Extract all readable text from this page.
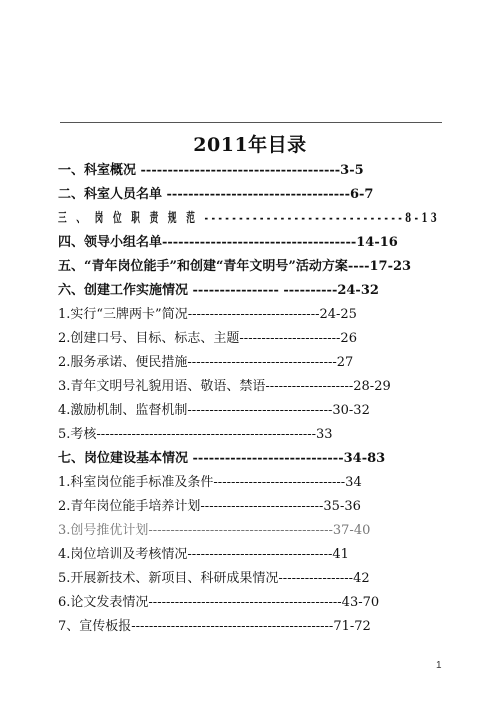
2011年目录
一、科室概况 -------------------------------------3-5
二、科室人员名单 ----------------------------------6-7
三 、 岗 位 职 责 规 范 -----------------------------8-13
四、领导小组名单------------------------------------14-16
五、“青年岗位能手”和创建“青年文明号”活动方案----17-23
六、创建工作实施情况 ---------------- ----------24-32
1.实行“三牌两卡”简况------------------------------24-25
2.创建口号、目标、标志、主题-----------------------26
2.服务承诺、便民措施----------------------------------27
3.青年文明号礼貌用语、敬语、禁语--------------------28-29
4.激励机制、监督机制---------------------------------30-32
5.考核--------------------------------------------------33
七、岗位建设基本情况 ----------------------------34-83
1.科室岗位能手标准及条件------------------------------34
2.青年岗位能手培养计划----------------------------35-36
3.创号推优计划------------------------------------------37-40
4.岗位培训及考核情况---------------------------------41
5.开展新技术、新项目、科研成果情况-----------------42
6.论文发表情况--------------------------------------------43-70
7、宣传板报----------------------------------------------71-72
1
